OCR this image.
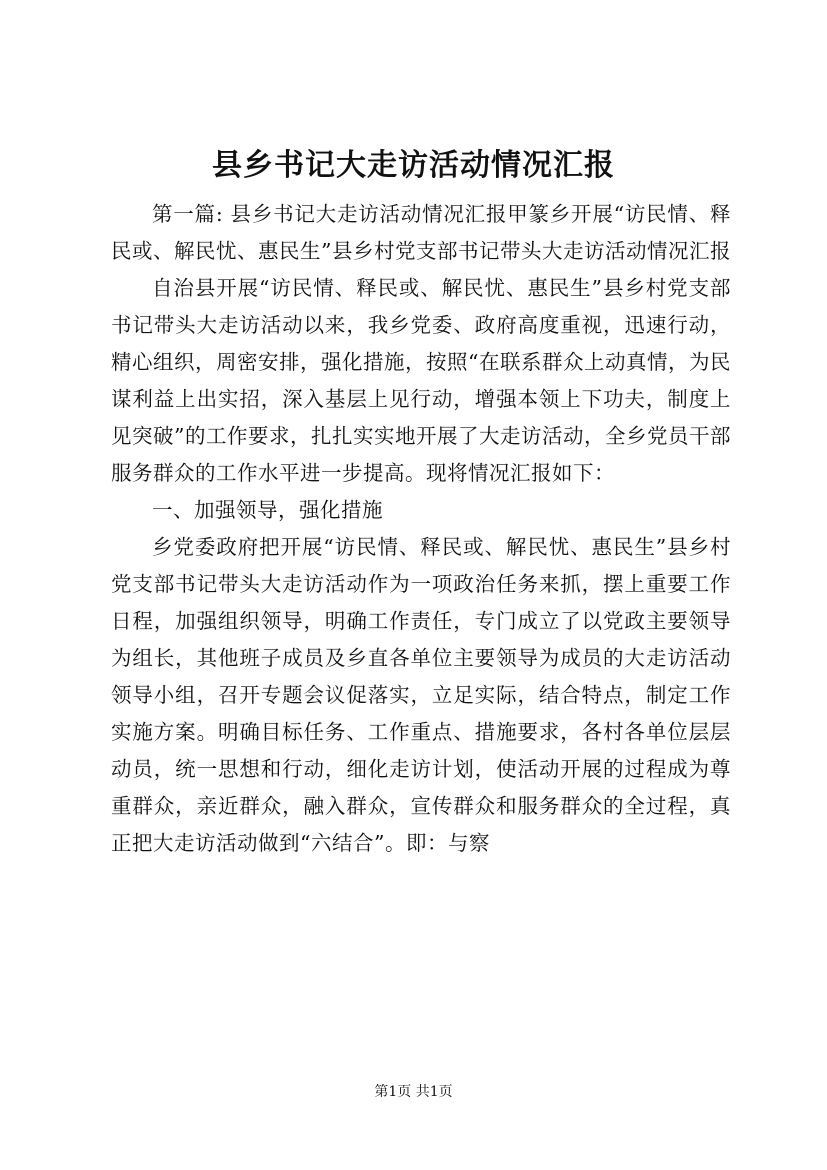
县乡书记大走访活动情况汇报

第一篇: 县乡书记大走访活动情况汇报甲篆乡开展“访民情、释民或、解民忧、惠民生”县乡村党支部书记带头大走访活动情况汇报

自治县开展“访民情、释民或、解民忧、惠民生”县乡村党支部书记带头大走访活动以来，我乡党委、政府高度重视，迅速行动，精心组织，周密安排，强化措施，按照“在联系群众上动真情，为民谋利益上出实招，深入基层上见行动，增强本领上下功夫，制度上见突破”的工作要求，扎扎实实地开展了大走访活动，全乡党员干部服务群众的工作水平进一步提高。现将情况汇报如下：

一、加强领导，强化措施

乡党委政府把开展“访民情、释民或、解民忧、惠民生”县乡村党支部书记带头大走访活动作为一项政治任务来抓，摆上重要工作日程，加强组织领导，明确工作责任，专门成立了以党政主要领导为组长，其他班子成员及乡直各单位主要领导为成员的大走访活动领导小组，召开专题会议促落实，立足实际，结合特点，制定工作实施方案。明确目标任务、工作重点、措施要求，各村各单位层层动员，统一思想和行动，细化走访计划，使活动开展的过程成为尊重群众，亲近群众，融入群众，宣传群众和服务群众的全过程，真正把大走访活动做到“六结合”。即：与察

第1页 共1页
